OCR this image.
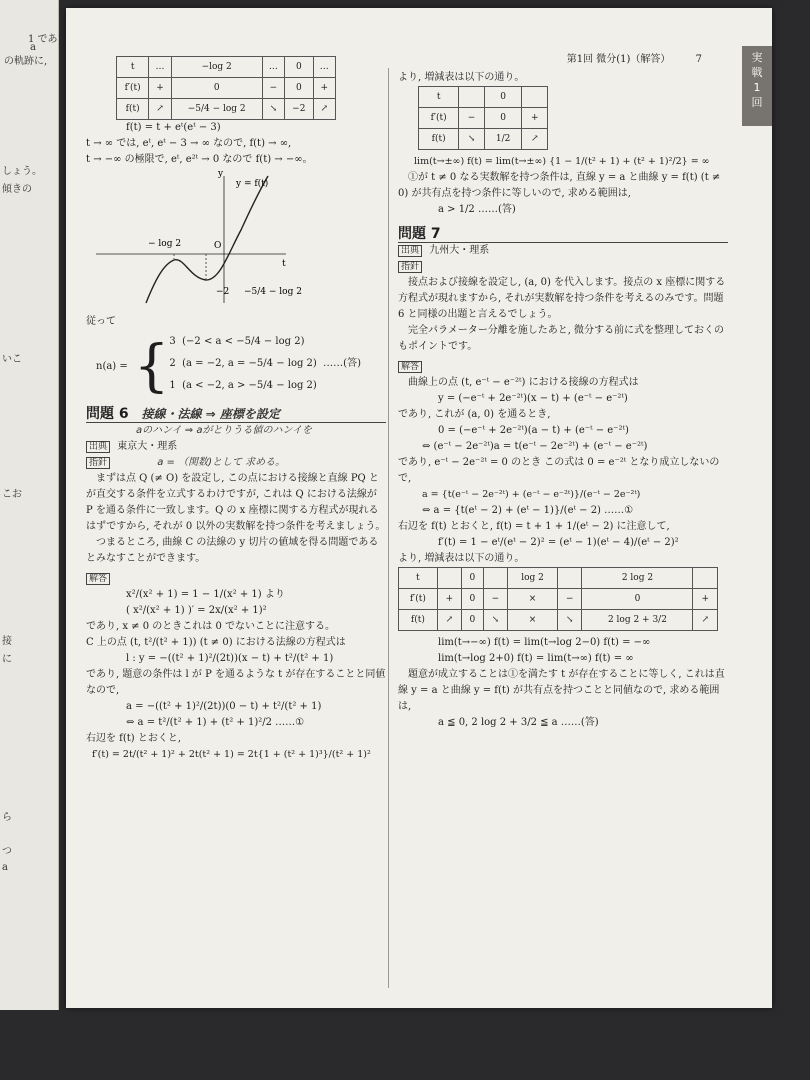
1 であ
a
の軌跡に,
しょう。
傾きの
いこ
こお
接
に
ら
つ
a
第1回 微分(1)（解答）	7	実
戦
1
回
t	…	−log 2	…	0	…
f′(t)	+	0	−	0	+
f(t)	↗	−5/4 − log 2	↘	−2	↗
f(t) = t + eᵗ(eᵗ − 3)
t → ∞ では, eᵗ, eᵗ − 3 → ∞ なので, f(t) → ∞,
t → −∞ の極限で, eᵗ, e²ᵗ → 0 なので f(t) → −∞。
y
t
y = f(t)
− log 2	O
−2 −5/4 − log 2
従って
n(a) = { 3 (−2 < a < −5/4 − log 2)
2 (a = −2, a = −5/4 − log 2) ……(答)
1 (a < −2, a > −5/4 − log 2)
問題 6 接線・法線 ⇒ 座標を設定
aのハンイ ⇒ aがとりうる値のハンイを
出典 東京大・理系
指針	a = （関数)として 求める。

まずは点 Q (≠ O) を設定し, この点における接線と直線 PQ とが直交する条件を立式するわけですが, これは Q における法線が P を通る条件に一致します。Q の x 座標に関する方程式が現れるはずですから, それが 0 以外の実数解を持つ条件を考えましょう。

つまるところ, 曲線 C の法線の y 切片の値域を得る問題であるとみなすことができます。

解答
x²/(x² + 1) = 1 − 1/(x² + 1) より
( x²/(x² + 1) )′ = 2x/(x² + 1)²
であり, x ≠ 0 のときこれは 0 でないことに注意する。
C 上の点 (t, t²/(t² + 1)) (t ≠ 0) における法線の方程式は
l : y = −((t² + 1)²/(2t))(x − t) + t²/(t² + 1)
であり, 題意の条件は l が P を通るような t が存在することと同値なので,
a = −((t² + 1)²/(2t))(0 − t) + t²/(t² + 1)
⇔ a = t²/(t² + 1) + (t² + 1)²/2 ……①
右辺を f(t) とおくと,
f′(t) = 2t/(t² + 1)² + 2t(t² + 1) = 2t{1 + (t² + 1)³}/(t² + 1)²
より, 増減表は以下の通り。
t		0	
f′(t)	−	0	+
f(t)	↘	1/2	↗
lim(t→±∞) f(t) = lim(t→±∞) {1 − 1/(t² + 1) + (t² + 1)²/2} = ∞

①が t ≠ 0 なる実数解を持つ条件は, 直線 y = a と曲線 y = f(t) (t ≠ 0) が共有点を持つ条件に等しいので, 求める範囲は,

a > 1/2 ……(答)
問題 7
出典 九州大・理系
指針

接点および接線を設定し, (a, 0) を代入します。接点の x 座標に関する方程式が現れますから, それが実数解を持つ条件を考えるのみです。問題 6 と同様の出題と言えるでしょう。

完全パラメーター分離を施したあと, 微分する前に式を整理しておくのもポイントです。

解答

曲線上の点 (t, e⁻ᵗ − e⁻²ᵗ) における接線の方程式は

y = (−e⁻ᵗ + 2e⁻²ᵗ)(x − t) + (e⁻ᵗ − e⁻²ᵗ)
であり, これが (a, 0) を通るとき,
0 = (−e⁻ᵗ + 2e⁻²ᵗ)(a − t) + (e⁻ᵗ − e⁻²ᵗ)
⇔ (e⁻ᵗ − 2e⁻²ᵗ)a = t(e⁻ᵗ − 2e⁻²ᵗ) + (e⁻ᵗ − e⁻²ᵗ)
であり, e⁻ᵗ − 2e⁻²ᵗ = 0 のとき この式は 0 = e⁻²ᵗ となり成立しないので,
a = {t(e⁻ᵗ − 2e⁻²ᵗ) + (e⁻ᵗ − e⁻²ᵗ)}/(e⁻ᵗ − 2e⁻²ᵗ)
⇔ a = {t(eᵗ − 2) + (eᵗ − 1)}/(eᵗ − 2) ……①
右辺を f(t) とおくと, f(t) = t + 1 + 1/(eᵗ − 2) に注意して,
f′(t) = 1 − eᵗ/(eᵗ − 2)² = (eᵗ − 1)(eᵗ − 4)/(eᵗ − 2)²
より, 増減表は以下の通り。
t		0		log 2		2 log 2	
f′(t)	+	0	−	×	−	0	+
f(t)	↗	0	↘	×	↘	2 log 2 + 3/2	↗
lim(t→−∞) f(t) = lim(t→log 2−0) f(t) = −∞
lim(t→log 2+0) f(t) = lim(t→∞) f(t) = ∞

題意が成立することは①を満たす t が存在することに等しく, これは直線 y = a と曲線 y = f(t) が共有点を持つことと同値なので, 求める範囲は,

a ≦ 0, 2 log 2 + 3/2 ≦ a ……(答)
